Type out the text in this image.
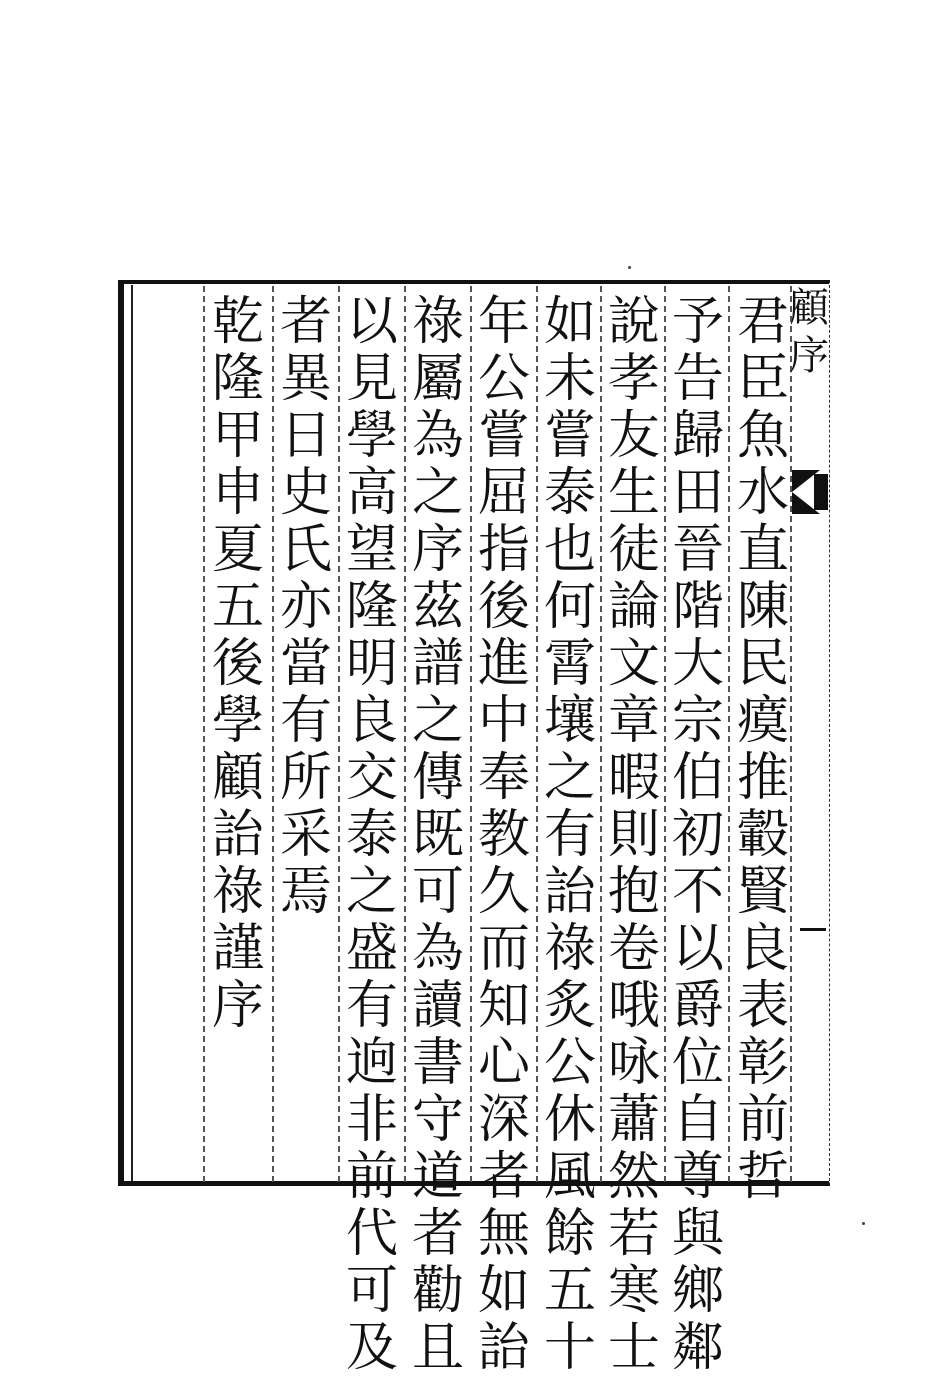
顧
序
君
臣
魚
水
直
陳
民
瘼
推
轂
賢
良
表
彰
前
哲
予
告
歸
田
晉
階
大
宗
伯
初
不
以
爵
位
自
尊
與
鄉
鄰
說
孝
友
生
徒
論
文
章
暇
則
抱
卷
哦
咏
蕭
然
若
寒
士
如
未
嘗
泰
也
何
霄
壤
之
有
詒
祿
炙
公
休
風
餘
五
十
年
公
嘗
屈
指
後
進
中
奉
教
久
而
知
心
深
者
無
如
詒
祿
屬
為
之
序
茲
譜
之
傳
既
可
為
讀
書
守
道
者
勸
且
以
見
學
高
望
隆
明
良
交
泰
之
盛
有
逈
非
前
代
可
及
者
異
日
史
氏
亦
當
有
所
采
焉
乾
隆
甲
申
夏
五
後
學
顧
詒
祿
謹
序
